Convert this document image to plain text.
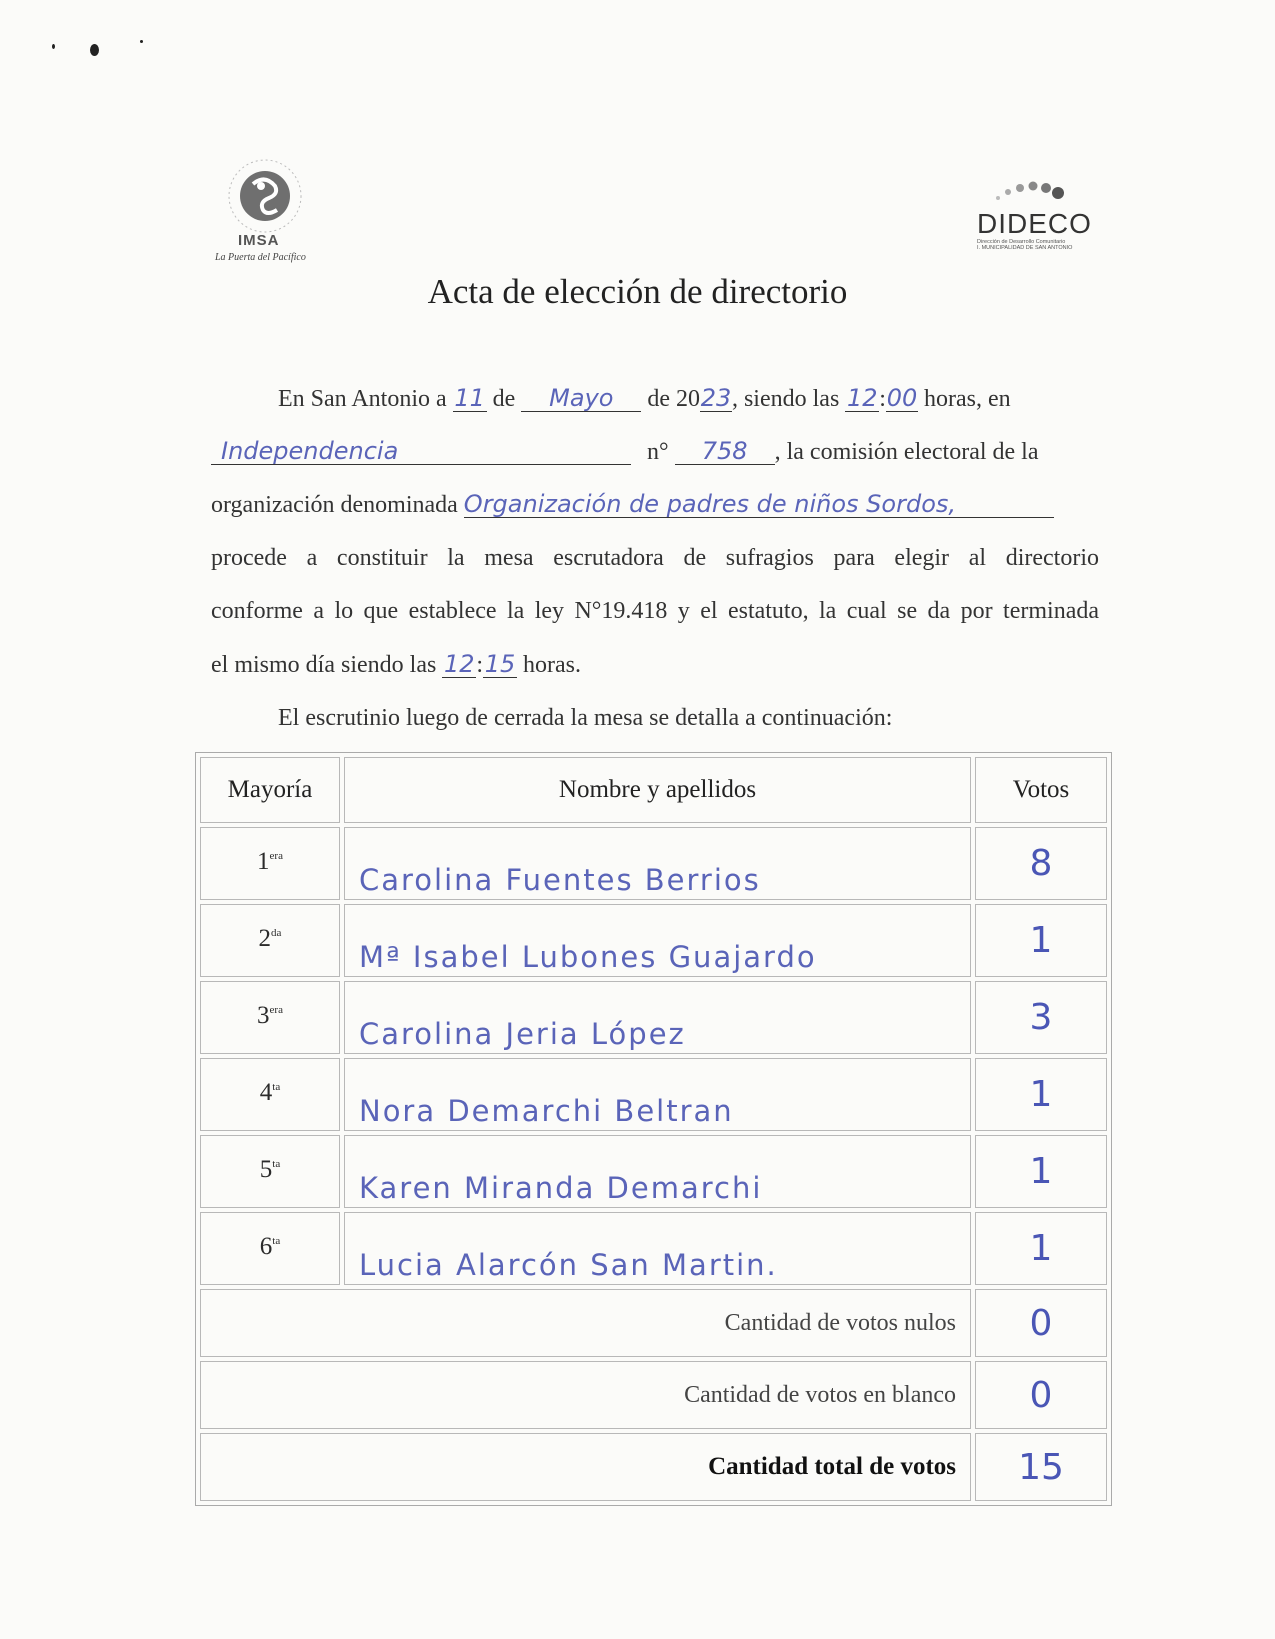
IMSA
La Puerta del Pacífico
DIDECO
Dirección de Desarrollo Comunitario
I. MUNICIPALIDAD DE SAN ANTONIO
Acta de elección de directorio
En San Antonio a 11 de Mayo de 2023, siendo las 12:00 horas, en
Independencia	n° 758 , la comisión electoral de la
organización denominada Organización de padres de niños Sordos,
procede a constituir la mesa escrutadora de sufragios para elegir al directorio
conforme a lo que establece la ley N°19.418 y el estatuto, la cual se da por terminada
el mismo día siendo las 12:15 horas.
El escrutinio luego de cerrada la mesa se detalla a continuación:
Mayoría	Nombre y apellidos	Votos
$1^{era}$	Carolina Fuentes Berrios	8
$2^{da}$	Mª Isabel Lubones Guajardo	1
$3^{era}$	Carolina Jeria López	3
$4^{ta}$	Nora Demarchi Beltran	1
$5^{ta}$	Karen Miranda Demarchi	1
$6^{ta}$	Lucia Alarcón San Martin.	1
Cantidad de votos nulos		0
Cantidad de votos en blanco		0
Cantidad total de votos		15
